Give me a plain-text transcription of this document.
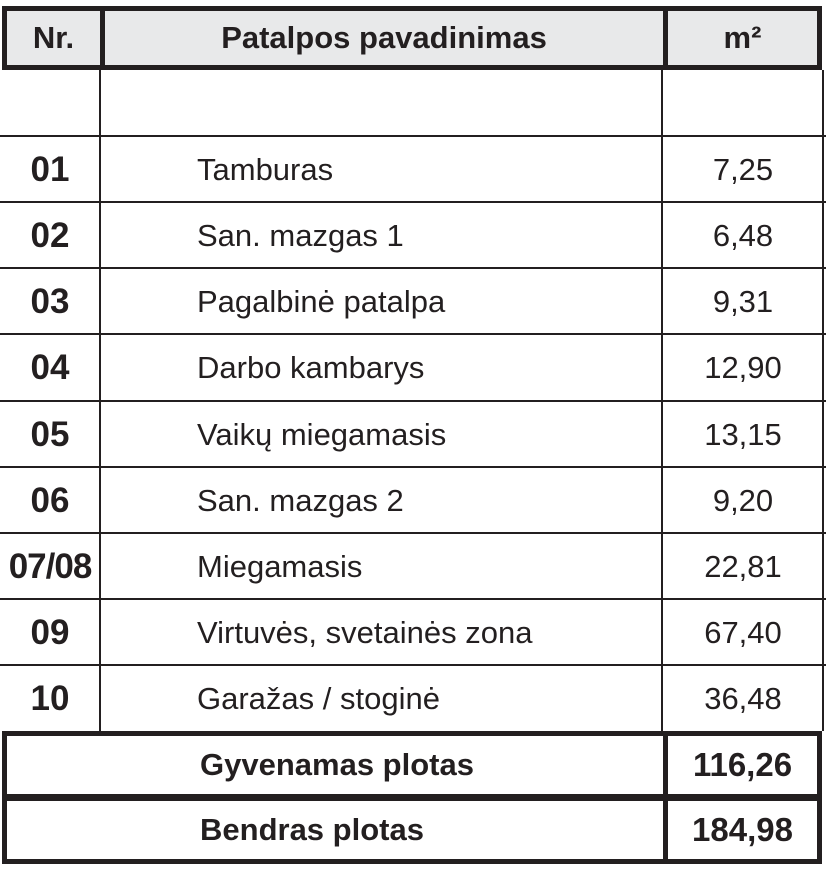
Nr.	Patalpos pavadinimas	m²
01	Tamburas	7,25
02	San. mazgas 1	6,48
03	Pagalbinė patalpa	9,31
04	Darbo kambarys	12,90
05	Vaikų miegamasis	13,15
06	San. mazgas 2	9,20
07/08	Miegamasis	22,81
09	Virtuvės, svetainės zona	67,40
10	Garažas / stoginė	36,48
Gyvenamas plotas	116,26
Bendras plotas	184,98
